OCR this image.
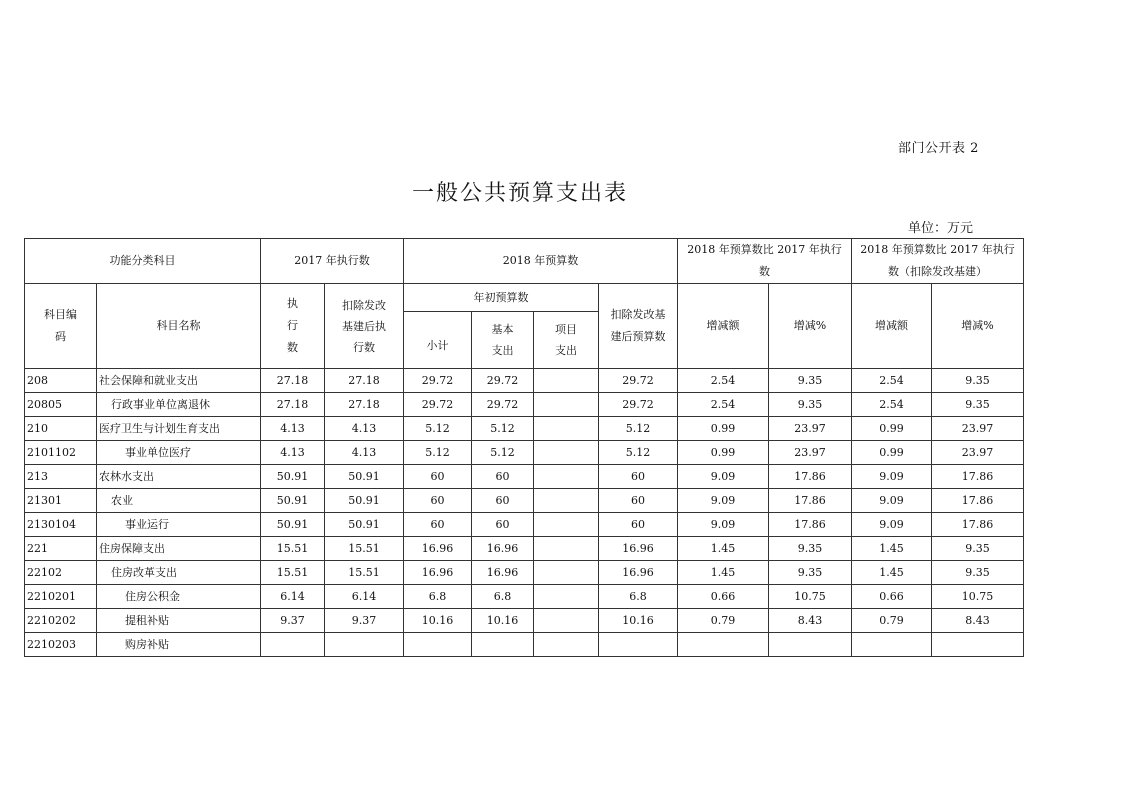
部门公开表 2
一般公共预算支出表
单位：万元
功能分类科目		2017 年执行数		2018 年预算数				2018 年预算数比 2017 年执行数		2018 年预算数比 2017 年执行数（扣除发改基建）	
科目编码	科目名称	执行数	扣除发改基建后执行数	年初预算数			扣除发改基建后预算数	增减额	增减%	增减额	增减%
				小计	基本支出	项目支出					
208	社会保障和就业支出	27.18	27.18	29.72	29.72		29.72	2.54	9.35	2.54	9.35
20805	行政事业单位离退休	27.18	27.18	29.72	29.72		29.72	2.54	9.35	2.54	9.35
210	医疗卫生与计划生育支出	4.13	4.13	5.12	5.12		5.12	0.99	23.97	0.99	23.97
2101102	事业单位医疗	4.13	4.13	5.12	5.12		5.12	0.99	23.97	0.99	23.97
213	农林水支出	50.91	50.91	60	60		60	9.09	17.86	9.09	17.86
21301	农业	50.91	50.91	60	60		60	9.09	17.86	9.09	17.86
2130104	事业运行	50.91	50.91	60	60		60	9.09	17.86	9.09	17.86
221	住房保障支出	15.51	15.51	16.96	16.96		16.96	1.45	9.35	1.45	9.35
22102	住房改革支出	15.51	15.51	16.96	16.96		16.96	1.45	9.35	1.45	9.35
2210201	住房公积金	6.14	6.14	6.8	6.8		6.8	0.66	10.75	0.66	10.75
2210202	提租补贴	9.37	9.37	10.16	10.16		10.16	0.79	8.43	0.79	8.43
2210203	购房补贴										
